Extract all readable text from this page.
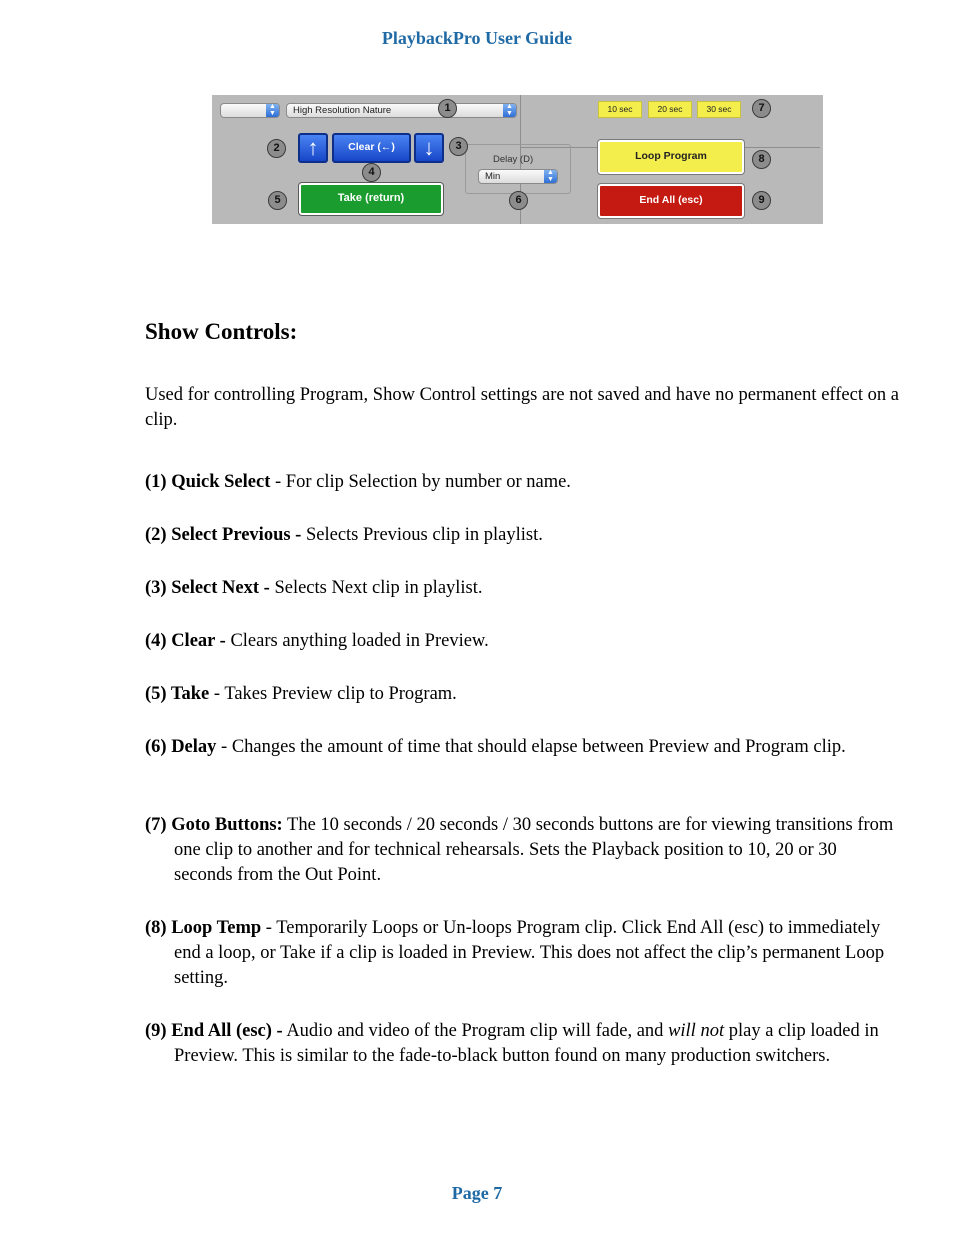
PlaybackPro User Guide
▲
▼	High Resolution Nature	▲
▼	10 sec	20 sec	30 sec
↑	Clear (←)	↓
Take (return)
Delay (D)
Min	▲
▼
Loop Program
End All (esc)
1
2	3
4
5	6
7
8
9
Show Controls:
Used for controlling Program, Show Control settings are not saved and have no permanent effect on a clip.
(1) Quick Select - For clip Selection by number or name.
(2) Select Previous - Selects Previous clip in playlist.
(3) Select Next - Selects Next clip in playlist.
(4) Clear - Clears anything loaded in Preview.
(5) Take - Takes Preview clip to Program.
(6) Delay - Changes the amount of time that should elapse between Preview and Program clip.
(7) Goto Buttons: The 10 seconds / 20 seconds / 30 seconds buttons are for viewing transitions from one clip to another and for technical rehearsals. Sets the Playback position to 10, 20 or 30 seconds from the Out Point.
(8) Loop Temp - Temporarily Loops or Un-loops Program clip. Click End All (esc) to immediately end a loop, or Take if a clip is loaded in Preview. This does not affect the clip’s permanent Loop setting.
(9) End All (esc) - Audio and video of the Program clip will fade, and will not play a clip loaded in Preview. This is similar to the fade-to-black button found on many production switchers.
Page 7
